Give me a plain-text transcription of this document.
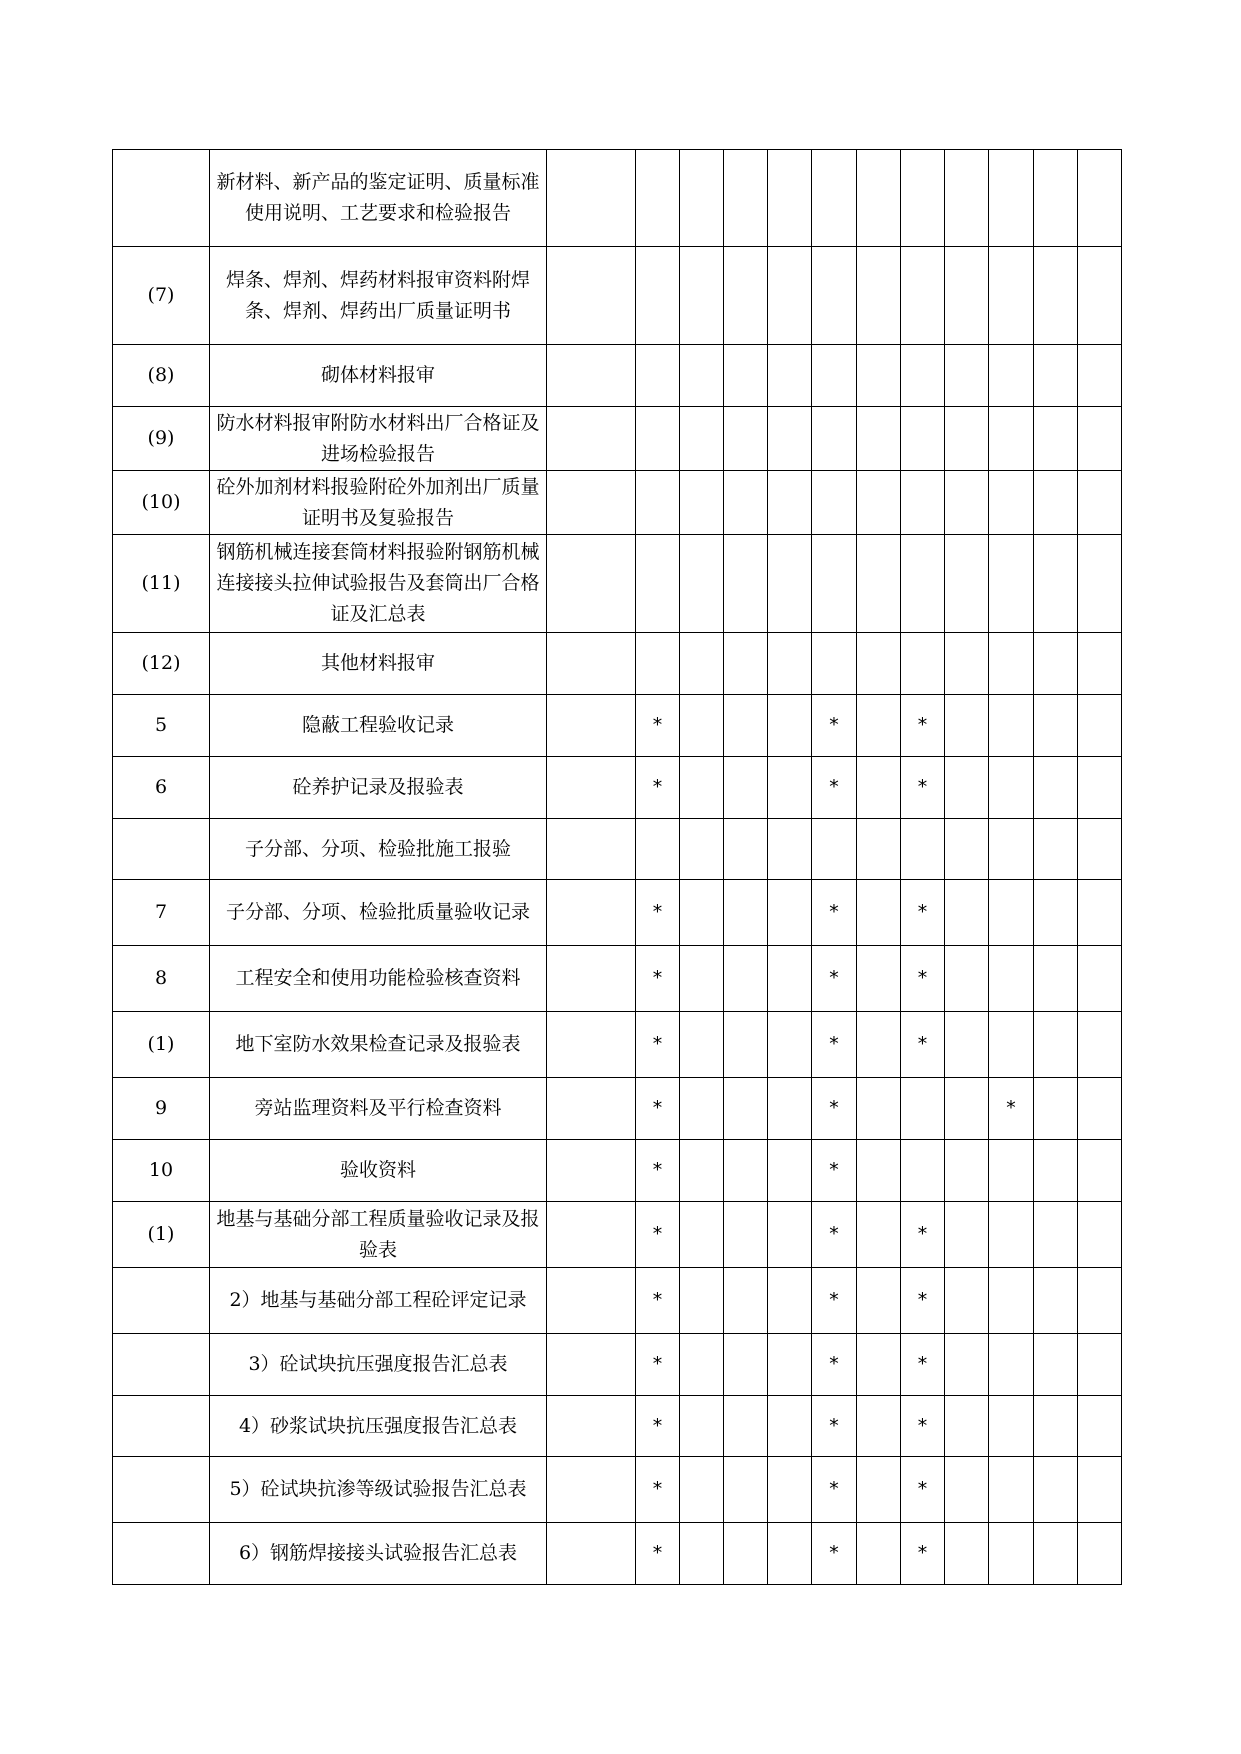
	新材料、新产品的鉴定证明、质量标准使用说明、工艺要求和检验报告												
(7)	焊条、焊剂、焊药材料报审资料附焊条、焊剂、焊药出厂质量证明书												
(8)	砌体材料报审												
(9)	防水材料报审附防水材料出厂合格证及进场检验报告												
(10)	砼外加剂材料报验附砼外加剂出厂质量证明书及复验报告												
(11)	钢筋机械连接套筒材料报验附钢筋机械连接接头拉伸试验报告及套筒出厂合格证及汇总表												
(12)	其他材料报审												
5	隐蔽工程验收记录		*				*		*				
6	砼养护记录及报验表		*				*		*				
	子分部、分项、检验批施工报验												
7	子分部、分项、检验批质量验收记录		*				*		*				
8	工程安全和使用功能检验核查资料		*				*		*				
(1)	地下室防水效果检查记录及报验表		*				*		*				
9	旁站监理资料及平行检查资料		*				*				*		
10	验收资料		*				*						
(1)	地基与基础分部工程质量验收记录及报验表		*				*		*				
	2）地基与基础分部工程砼评定记录		*				*		*				
	3）砼试块抗压强度报告汇总表		*				*		*				
	4）砂浆试块抗压强度报告汇总表		*				*		*				
	5）砼试块抗渗等级试验报告汇总表		*				*		*				
	6）钢筋焊接接头试验报告汇总表		*				*		*				
